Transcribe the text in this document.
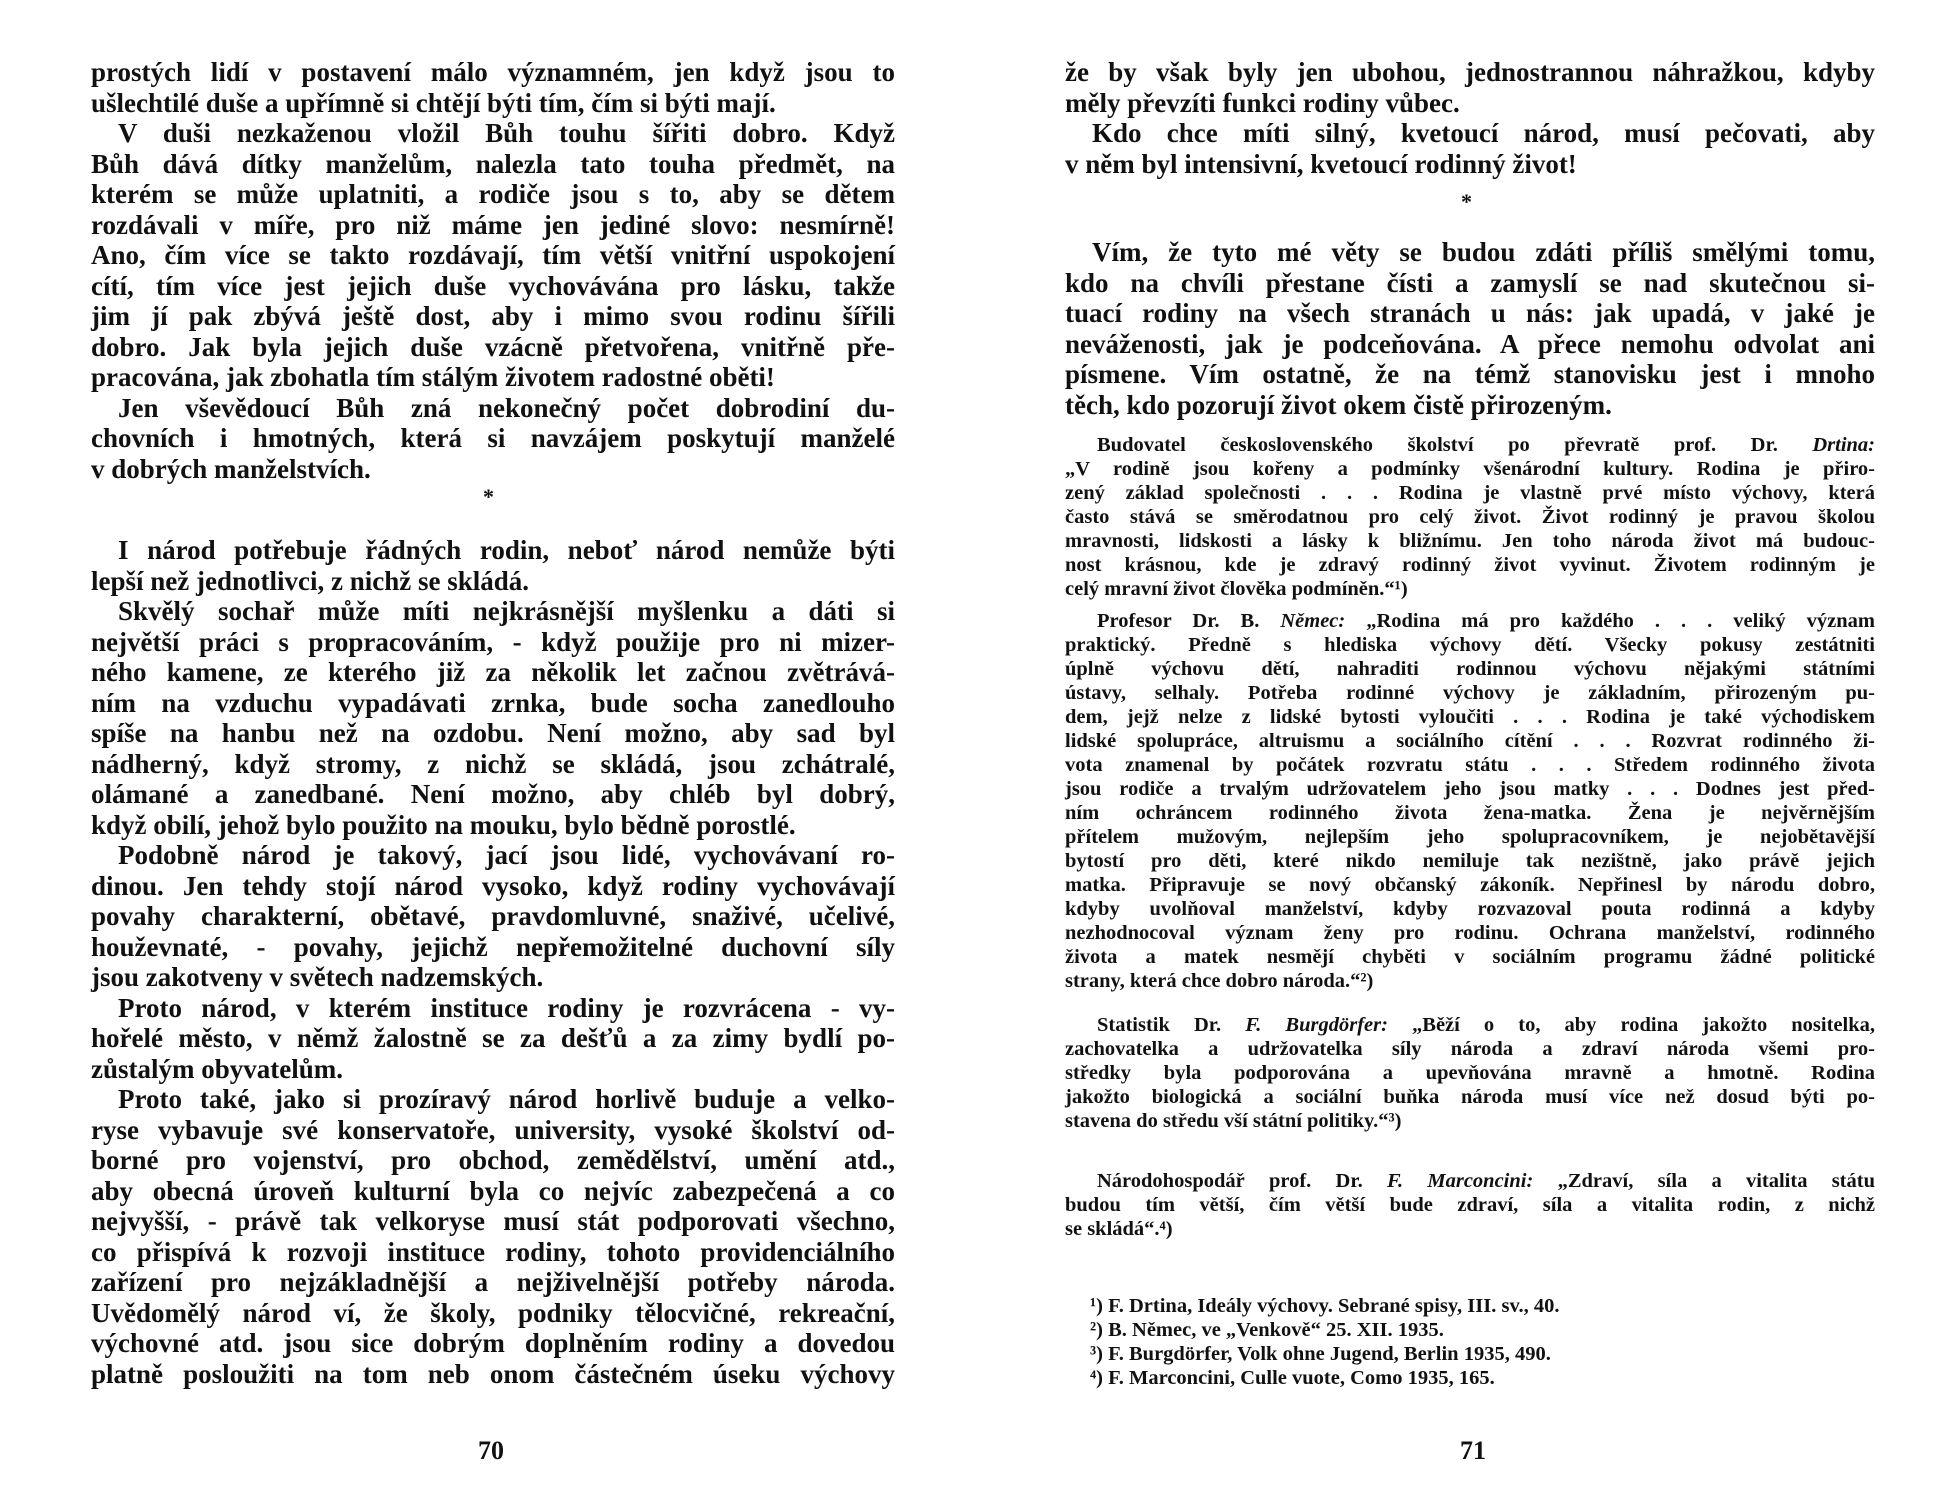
prostých lidí v postavení málo významném, jen když jsou to
ušlechtilé duše a upřímně si chtějí býti tím, čím si býti mají.
V duši nezkaženou vložil Bůh touhu šířiti dobro. Když
Bůh dává dítky manželům, nalezla tato touha předmět, na
kterém se může uplatniti, a rodiče jsou s to, aby se dětem
rozdávali v míře, pro niž máme jen jediné slovo: nesmírně!
Ano, čím více se takto rozdávají, tím větší vnitřní uspokojení
cítí, tím více jest jejich duše vychovávána pro lásku, takže
jim jí pak zbývá ještě dost, aby i mimo svou rodinu šířili
dobro. Jak byla jejich duše vzácně přetvořena, vnitřně pře-
pracována, jak zbohatla tím stálým životem radostné oběti!
Jen vševědoucí Bůh zná nekonečný počet dobrodiní du-
chovních i hmotných, která si navzájem poskytují manželé
v dobrých manželstvích.
*
I národ potřebuje řádných rodin, neboť národ nemůže býti
lepší než jednotlivci, z nichž se skládá.
Skvělý sochař může míti nejkrásnější myšlenku a dáti si
největší práci s propracováním, - když použije pro ni mizer-
ného kamene, ze kterého již za několik let začnou zvětrává-
ním na vzduchu vypadávati zrnka, bude socha zanedlouho
spíše na hanbu než na ozdobu. Není možno, aby sad byl
nádherný, když stromy, z nichž se skládá, jsou zchátralé,
olámané a zanedbané. Není možno, aby chléb byl dobrý,
když obilí, jehož bylo použito na mouku, bylo bědně porostlé.
Podobně národ je takový, jací jsou lidé, vychovávaní ro-
dinou. Jen tehdy stojí národ vysoko, když rodiny vychovávají
povahy charakterní, obětavé, pravdomluvné, snaživé, učelivé,
houževnaté, - povahy, jejichž nepřemožitelné duchovní síly
jsou zakotveny v světech nadzemských.
Proto národ, v kterém instituce rodiny je rozvrácena - vy-
hořelé město, v němž žalostně se za dešťů a za zimy bydlí po-
zůstalým obyvatelům.
Proto také, jako si prozíravý národ horlivě buduje a velko-
ryse vybavuje své konservatoře, university, vysoké školství od-
borné pro vojenství, pro obchod, zemědělství, umění atd.,
aby obecná úroveň kulturní byla co nejvíc zabezpečená a co
nejvyšší, - právě tak velkoryse musí stát podporovati všechno,
co přispívá k rozvoji instituce rodiny, tohoto providenciálního
zařízení pro nejzákladnější a nejživelnější potřeby národa.
Uvědomělý národ ví, že školy, podniky tělocvičné, rekreační,
výchovné atd. jsou sice dobrým doplněním rodiny a dovedou
platně posloužiti na tom neb onom částečném úseku výchovy
70
že by však byly jen ubohou, jednostrannou náhražkou, kdyby
měly převzíti funkci rodiny vůbec.
Kdo chce míti silný, kvetoucí národ, musí pečovati, aby
v něm byl intensivní, kvetoucí rodinný život!
*
Vím, že tyto mé věty se budou zdáti příliš smělými tomu,
kdo na chvíli přestane čísti a zamyslí se nad skutečnou si-
tuací rodiny na všech stranách u nás: jak upadá, v jaké je
neváženosti, jak je podceňována. A přece nemohu odvolat ani
písmene. Vím ostatně, že na témž stanovisku jest i mnoho
těch, kdo pozorují život okem čistě přirozeným.
Budovatel československého školství po převratě prof. Dr. Drtina:
„V rodině jsou kořeny a podmínky všenárodní kultury. Rodina je přiro-
zený základ společnosti . . . Rodina je vlastně prvé místo výchovy, která
často stává se směrodatnou pro celý život. Život rodinný je pravou školou
mravnosti, lidskosti a lásky k bližnímu. Jen toho národa život má budouc-
nost krásnou, kde je zdravý rodinný život vyvinut. Životem rodinným je
celý mravní život člověka podmíněn.“¹)
Profesor Dr. B. Němec: „Rodina má pro každého . . . veliký význam
praktický. Předně s hlediska výchovy dětí. Všecky pokusy zestátniti
úplně výchovu dětí, nahraditi rodinnou výchovu nějakými státními
ústavy, selhaly. Potřeba rodinné výchovy je základním, přirozeným pu-
dem, jejž nelze z lidské bytosti vyloučiti . . . Rodina je také východiskem
lidské spolupráce, altruismu a sociálního cítění . . . Rozvrat rodinného ži-
vota znamenal by počátek rozvratu státu . . . Středem rodinného života
jsou rodiče a trvalým udržovatelem jeho jsou matky . . . Dodnes jest před-
ním ochráncem rodinného života žena-matka. Žena je nejvěrnějším
přítelem mužovým, nejlepším jeho spolupracovníkem, je nejobětavější
bytostí pro děti, které nikdo nemiluje tak nezištně, jako právě jejich
matka. Připravuje se nový občanský zákoník. Nepřinesl by národu dobro,
kdyby uvolňoval manželství, kdyby rozvazoval pouta rodinná a kdyby
nezhodnocoval význam ženy pro rodinu. Ochrana manželství, rodinného
života a matek nesmějí chyběti v sociálním programu žádné politické
strany, která chce dobro národa.“²)
Statistik Dr. F. Burgdörfer: „Běží o to, aby rodina jakožto nositelka,
zachovatelka a udržovatelka síly národa a zdraví národa všemi pro-
středky byla podporována a upevňována mravně a hmotně. Rodina
jakožto biologická a sociální buňka národa musí více než dosud býti po-
stavena do středu vší státní politiky.“³)
Národohospodář prof. Dr. F. Marconcini: „Zdraví, síla a vitalita státu
budou tím větší, čím větší bude zdraví, síla a vitalita rodin, z nichž
se skládá“.⁴)
¹) F. Drtina, Ideály výchovy. Sebrané spisy, III. sv., 40.
²) B. Němec, ve „Venkově“ 25. XII. 1935.
³) F. Burgdörfer, Volk ohne Jugend, Berlin 1935, 490.
⁴) F. Marconcini, Culle vuote, Como 1935, 165.
71
